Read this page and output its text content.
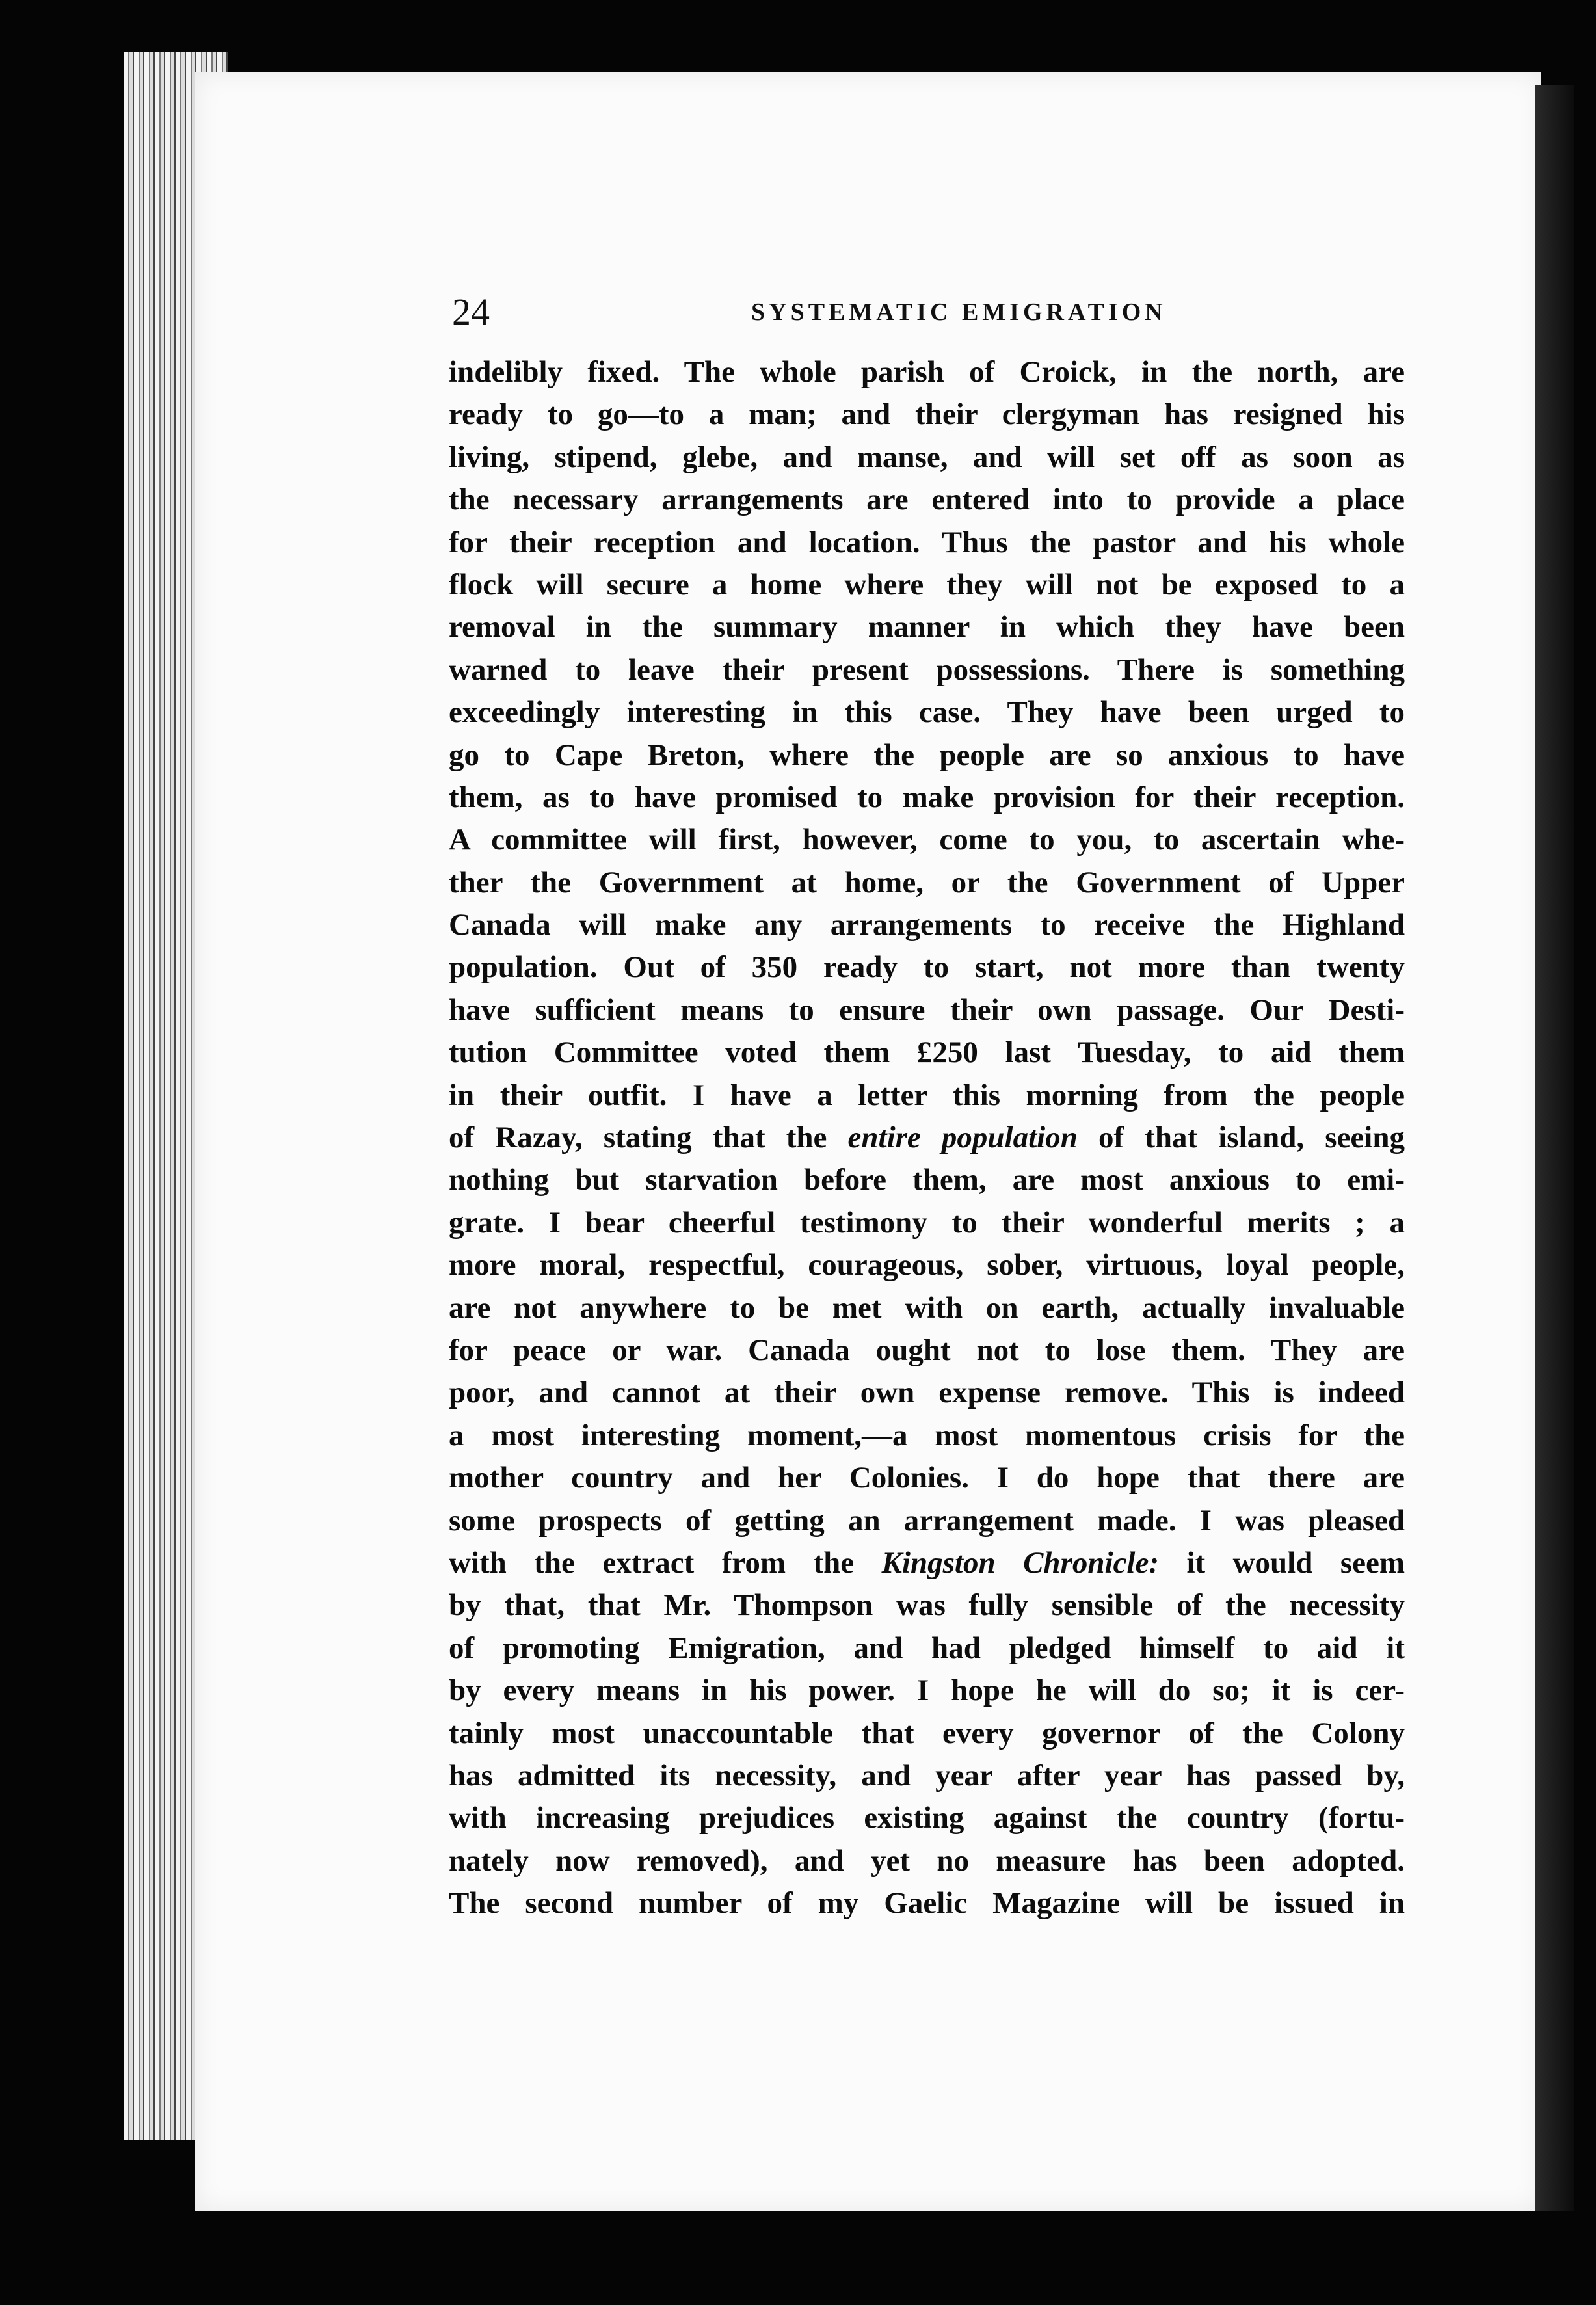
24	SYSTEMATIC EMIGRATION
indelibly fixed. The whole parish of Croick, in the north, are
ready to go—to a man; and their clergyman has resigned his
living, stipend, glebe, and manse, and will set off as soon as
the necessary arrangements are entered into to provide a place
for their reception and location. Thus the pastor and his whole
flock will secure a home where they will not be exposed to a
removal in the summary manner in which they have been
warned to leave their present possessions. There is something
exceedingly interesting in this case. They have been urged to
go to Cape Breton, where the people are so anxious to have
them, as to have promised to make provision for their reception.
A committee will first, however, come to you, to ascertain whe-
ther the Government at home, or the Government of Upper
Canada will make any arrangements to receive the Highland
population. Out of 350 ready to start, not more than twenty
have sufficient means to ensure their own passage. Our Desti-
tution Committee voted them £250 last Tuesday, to aid them
in their outfit. I have a letter this morning from the people
of Razay, stating that the entire population of that island, seeing
nothing but starvation before them, are most anxious to emi-
grate. I bear cheerful testimony to their wonderful merits ; a
more moral, respectful, courageous, sober, virtuous, loyal people,
are not anywhere to be met with on earth, actually invaluable
for peace or war. Canada ought not to lose them. They are
poor, and cannot at their own expense remove. This is indeed
a most interesting moment,—a most momentous crisis for the
mother country and her Colonies. I do hope that there are
some prospects of getting an arrangement made. I was pleased
with the extract from the Kingston Chronicle: it would seem
by that, that Mr. Thompson was fully sensible of the necessity
of promoting Emigration, and had pledged himself to aid it
by every means in his power. I hope he will do so; it is cer-
tainly most unaccountable that every governor of the Colony
has admitted its necessity, and year after year has passed by,
with increasing prejudices existing against the country (fortu-
nately now removed), and yet no measure has been adopted.
The second number of my Gaelic Magazine will be issued in
